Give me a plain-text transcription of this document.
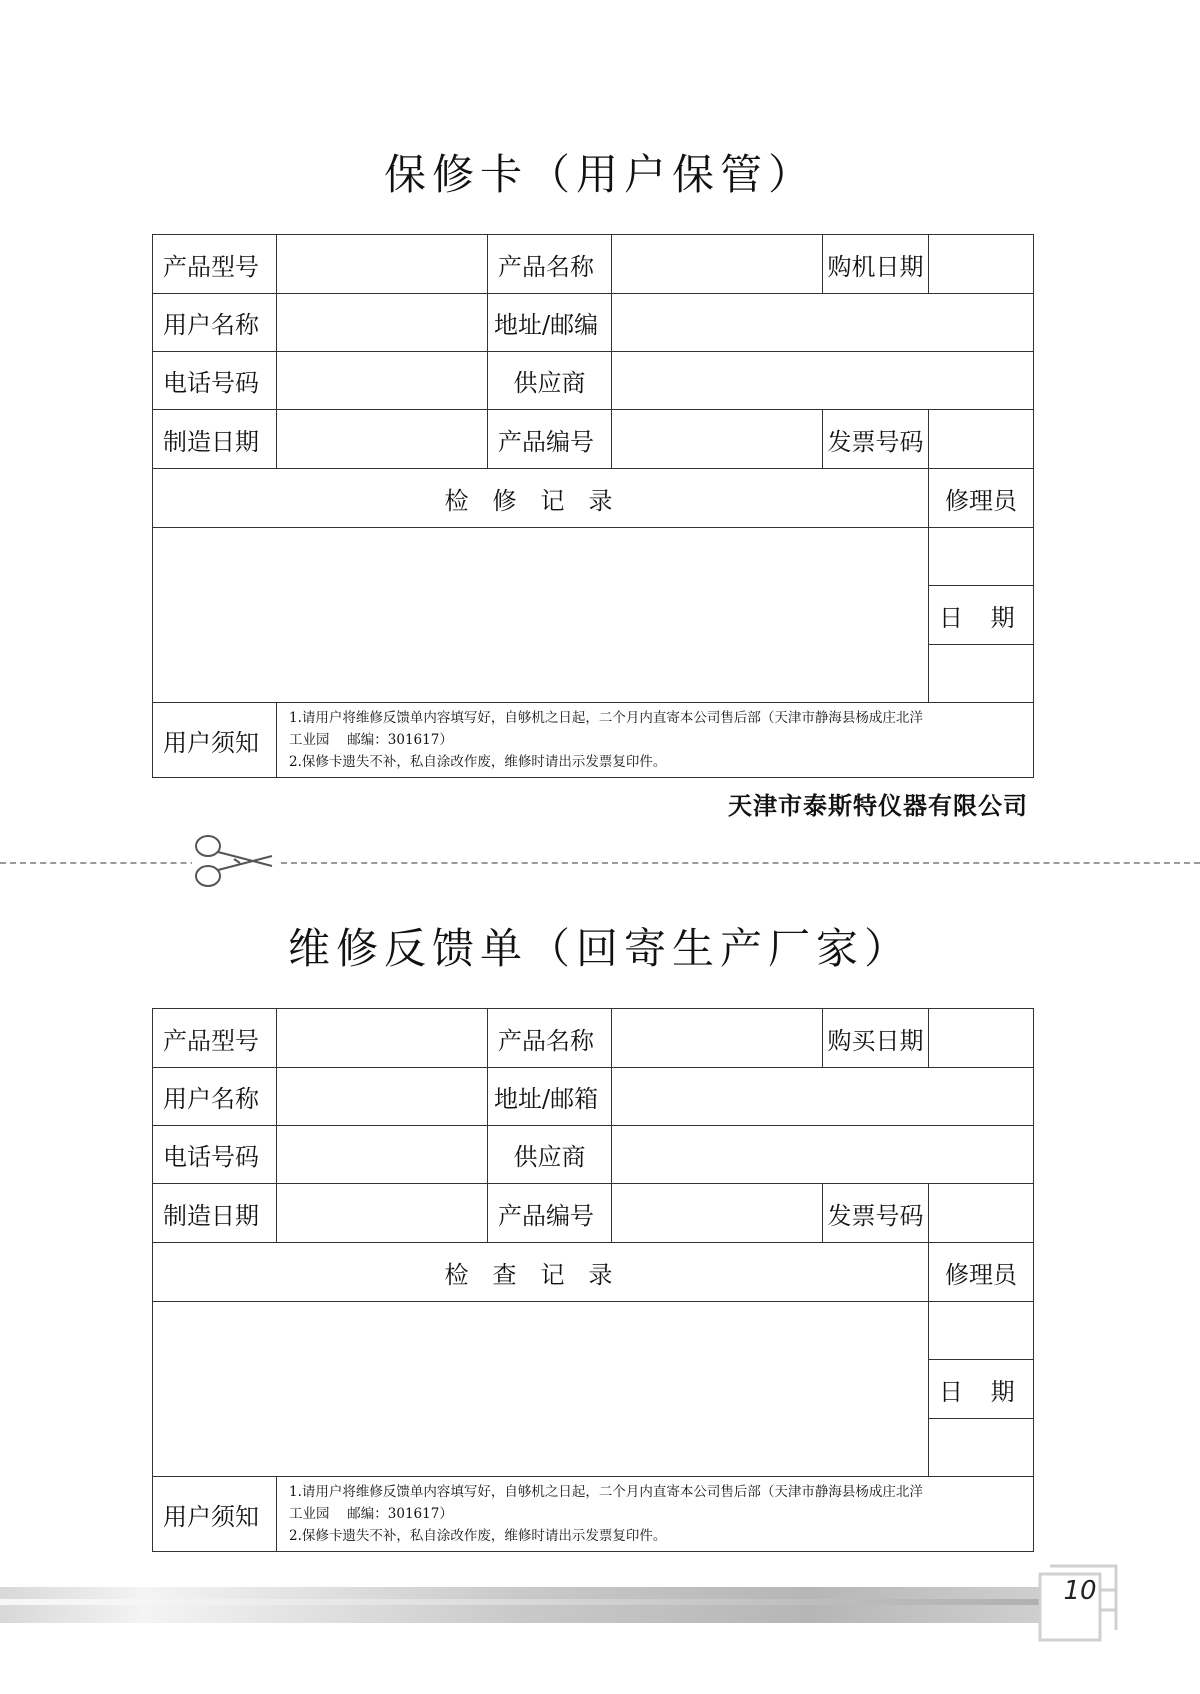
保修卡（用户保管）
产品型号		产品名称		购机日期	
用户名称		地址/邮编			
电话号码		供应商			
制造日期		产品编号		发票号码	
检修记录					修理员

					日 期

用户须知	1.请用户将维修反馈单内容填写好，自够机之日起，二个月内直寄本公司售后部（天津市静海县杨成庄北洋
工业园　 邮编：301617）
2.保修卡遗失不补，私自涂改作废，维修时请出示发票复印件。				
天津市泰斯特仪器有限公司
维修反馈单（回寄生产厂家）
产品型号		产品名称		购买日期	
用户名称		地址/邮箱			
电话号码		供应商			
制造日期		产品编号		发票号码	
检查记录					修理员

					日 期

用户须知	1.请用户将维修反馈单内容填写好，自够机之日起，二个月内直寄本公司售后部（天津市静海县杨成庄北洋
工业园　 邮编：301617）
2.保修卡遗失不补，私自涂改作废，维修时请出示发票复印件。				
10
